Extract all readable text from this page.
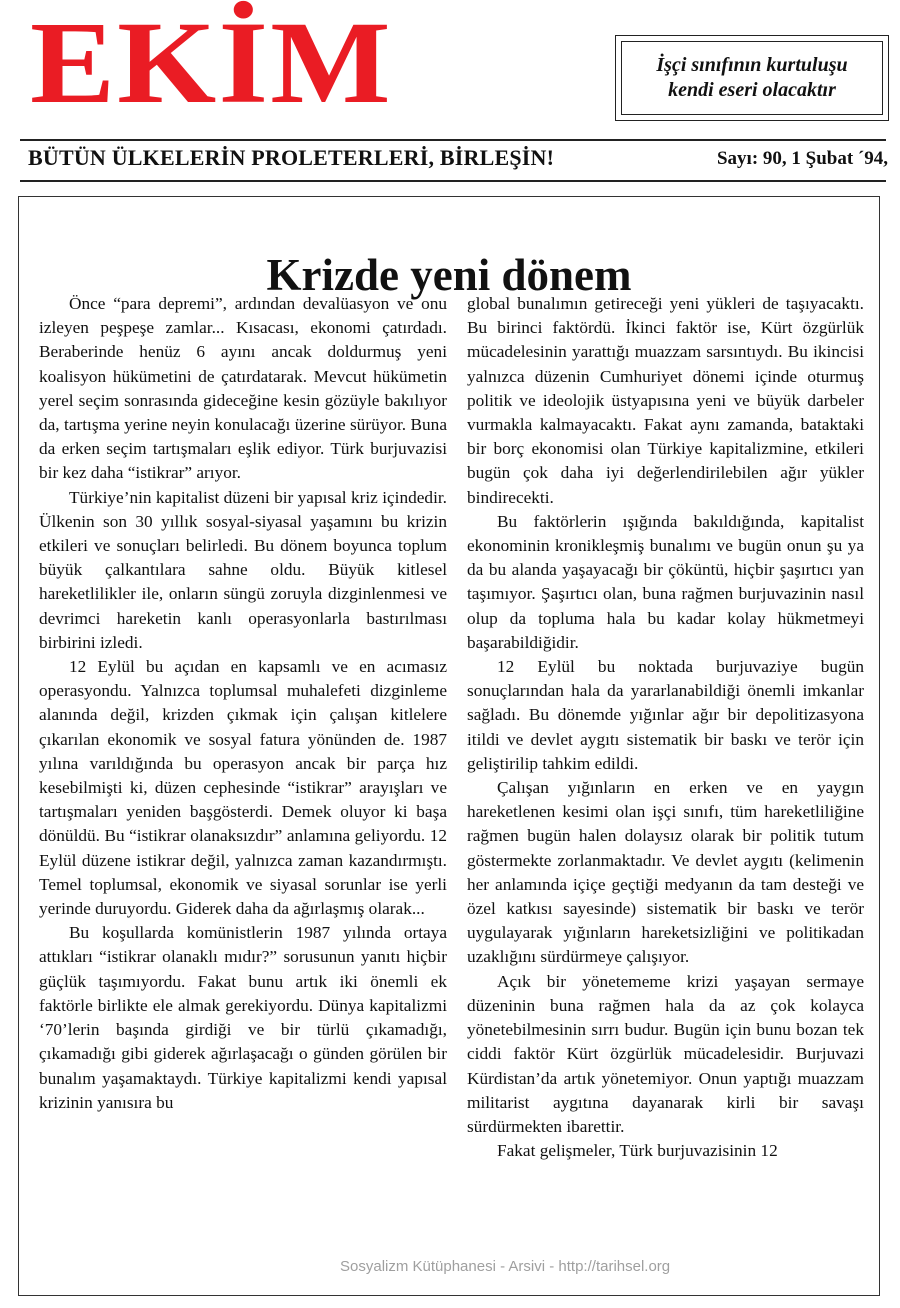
EKİM	İşçi sınıfının kurtuluşu
kendi eseri olacaktır
BÜTÜN ÜLKELERİN PROLETERLERİ, BİRLEŞİN!	Sayı: 90, 1 Şubat ´94,
Krizde yeni dönem

Önce “para depremi”, ardından devalüasyon ve onu izleyen peşpeşe zamlar... Kısacası, ekonomi çatırdadı. Beraberinde henüz 6 ayını ancak doldurmuş yeni koalisyon hükümetini de çatırdatarak. Mevcut hükümetin yerel seçim sonrasında gideceğine kesin gözüyle bakılıyor da, tartışma yerine neyin konulacağı üzerine sürüyor. Buna da erken seçim tartışmaları eşlik ediyor. Türk burjuvazisi bir kez daha “istikrar” arıyor.

Türkiye’nin kapitalist düzeni bir yapısal kriz içindedir. Ülkenin son 30 yıllık sosyal-siyasal yaşamını bu krizin etkileri ve sonuçları belirledi. Bu dönem boyunca toplum büyük çalkantılara sahne oldu. Büyük kitlesel hareketlilikler ile, onların süngü zoruyla dizginlenmesi ve devrimci hareketin kanlı operasyonlarla bastırılması birbirini izledi.

12 Eylül bu açıdan en kapsamlı ve en acımasız operasyondu. Yalnızca toplumsal muhalefeti dizginleme alanında değil, krizden çıkmak için çalışan kitlelere çıkarılan ekonomik ve sosyal fatura yönünden de. 1987 yılına varıldığında bu operasyon ancak bir parça hız kesebilmişti ki, düzen cephesinde “istikrar” arayışları ve tartışmaları yeniden başgösterdi. Demek oluyor ki başa dönüldü. Bu “istikrar olanaksızdır” anlamına geliyordu. 12 Eylül düzene istikrar değil, yalnızca zaman kazandırmıştı. Temel toplumsal, ekonomik ve siyasal sorunlar ise yerli yerinde duruyordu. Giderek daha da ağırlaşmış olarak...

Bu koşullarda komünistlerin 1987 yılında ortaya attıkları “istikrar olanaklı mıdır?” sorusunun yanıtı hiçbir güçlük taşımıyordu. Fakat bunu artık iki önemli ek faktörle birlikte ele almak gerekiyordu. Dünya kapitalizmi ‘70’lerin başında girdiği ve bir türlü çıkamadığı, çıkamadığı gibi giderek ağırlaşacağı o günden görülen bir bunalım yaşamaktaydı. Türkiye kapitalizmi kendi yapısal krizinin yanısıra bu

global bunalımın getireceği yeni yükleri de taşıyacaktı. Bu birinci faktördü. İkinci faktör ise, Kürt özgürlük mücadelesinin yarattığı muazzam sarsıntıydı. Bu ikincisi yalnızca düzenin Cumhuriyet dönemi içinde oturmuş politik ve ideolojik üstyapısına yeni ve büyük darbeler vurmakla kalmayacaktı. Fakat aynı zamanda, bataktaki bir borç ekonomisi olan Türkiye kapitalizmine, etkileri bugün çok daha iyi değerlendirilebilen ağır yükler bindirecekti.

Bu faktörlerin ışığında bakıldığında, kapitalist ekonominin kronikleşmiş bunalımı ve bugün onun şu ya da bu alanda yaşayacağı bir çöküntü, hiçbir şaşırtıcı yan taşımıyor. Şaşırtıcı olan, buna rağmen burjuvazinin nasıl olup da topluma hala bu kadar kolay hükmetmeyi başarabildiğidir.

12 Eylül bu noktada burjuvaziye bugün sonuçlarından hala da yararlanabildiği önemli imkanlar sağladı. Bu dönemde yığınlar ağır bir depolitizasyona itildi ve devlet aygıtı sistematik bir baskı ve terör için geliştirilip tahkim edildi.

Çalışan yığınların en erken ve en yaygın hareketlenen kesimi olan işçi sınıfı, tüm hareketliliğine rağmen bugün halen dolaysız olarak bir politik tutum göstermekte zorlanmaktadır. Ve devlet aygıtı (kelimenin her anlamında içiçe geçtiği medyanın da tam desteği ve özel katkısı sayesinde) sistematik bir baskı ve terör uygulayarak yığınların hareketsizliğini ve politikadan uzaklığını sürdürmeye çalışıyor.

Açık bir yönetememe krizi yaşayan sermaye düzeninin buna rağmen hala da az çok kolayca yönetebilmesinin sırrı budur. Bugün için bunu bozan tek ciddi faktör Kürt özgürlük mücadelesidir. Burjuvazi Kürdistan’da artık yönetemiyor. Onun yaptığı muazzam militarist aygıtına dayanarak kirli bir savaşı sürdürmekten ibarettir.

Fakat gelişmeler, Türk burjuvazisinin 12

Sosyalizm Kütüphanesi - Arsivi - http://tarihsel.org
